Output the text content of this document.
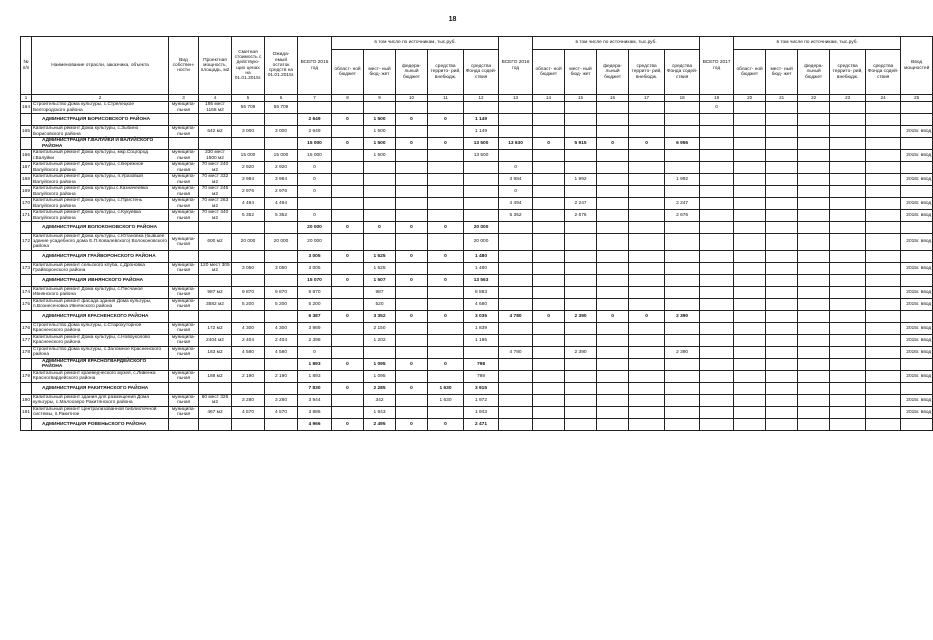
18
№ п/п	Наименование отрасли, заказчика, объекта	Вид собствен- ности	Проектная мощность, площадь, м2	Сметная стоимость с действую- щих ценах на 01.01.2015г.	Ожида- емый остаток средств на 01.01.2015г.	ВСЕГО 2015 год	в том числе по источникам, тыс.руб.					ВСЕГО 2016 год	в том числе по источникам, тыс.руб.					ВСЕГО 2017 год	в том числе по источникам, тыс.руб.					Ввод мощностей
							област- ной бюджет	мест- ный бюд- жет	федера- льный бюджет	средства террито- рий, внебюдж.	средства Фонда содей- ствия		област- ной бюджет	мест- ный бюд- жет	федера- льный бюджет	средства террито- рий, внебюдж.	средства Фонда содей- ствия		област- ной бюджет	мест- ный бюд- жет	федера- льный бюджет	средства террито- рий, внебюдж.	средства Фонда содей- ствия	
1	2	3	4	5	6	7	8	9	10	11	12	13	14	15	16	17	18	19	20	21	22	23	24	25
164	Строительство Дома культуры, с.Стрелецкое Белгородского района	муниципа- льная	195 мест 1168 м2	55 709	55 709													0						
	АДМИНИСТРАЦИЯ БОРИСОВСКОГО РАЙОНА					2 649	0	1 500	0	0	1 149													
165	Капитальный ремонт Дома культуры, с.Зыбино Борисовского района	муниципа- льная	642 м2	3 000	3 000	2 649		1 500			1 149													2015г. ввод
	АДМИНИСТРАЦИЯ Г.ВАЛУЙКИ И ВАЛУЙСКОГО РАЙОНА					15 000	0	1 500	0	0	13 500	13 630	0	5 915	0	0	6 955							
166	Капитальный ремонт Дома культуры, мкр.Соцгород г.Валуйки	муниципа- льная	330 мест 1500 м2	15 000	15 000	15 000		1 500			13 500													2015г. ввод
167	Капитальный ремонт Дома культуры, с.Бережное Валуйского района	муниципа- льная	70 мест 240 м2	2 920	2 920	0						0												
168	Капитальный ремонт Дома культуры, п.Уразовый Валуйского района	муниципа- льная	70 мест 332 м2	3 984	3 984	0						3 984		1 992			1 992							2016г. ввод
169	Капитальный ремонт Дома культуры с.Казначеевка Валуйского района	муниципа- льная	70 мест 246 м2	2 976	2 976	0						0												
170	Капитальный ремонт Дома культуры, с.Пристень Валуйского района	муниципа- льная	70 мест 263 м2	4 494	4 494							4 494		2 247			2 247							2016г. ввод
171	Капитальный ремонт Дома культуры, с.Кукуевка Валуйского района	муниципа- льная	70 мест 440 м2	5 352	5 352	0						5 352		2 676			2 676							2016г. ввод
	АДМИНИСТРАЦИЯ ВОЛОКОНОВСКОГО РАЙОНА					20 000	0	0	0	0	20 000													
172	Капитальный ремонт Дома культуры, с.Ютановка (бывшее здание усадебного дома Е.П.Ковалевского) Волоконовского района	муниципа- льная	600 м2	20 000	20 000	20 000					20 000													2015г. ввод
	АДМИНИСТРАЦИЯ ГРАЙВОРОНСКОГО РАЙОНА					3 005	0	1 525	0	0	1 480													
173	Капитальный ремонт сельского клуба, с.Дроновка Грайворонского района	муниципа- льная	120 мест 305 м2	3 050	3 050	3 005		1 525			1 480													2015г. ввод
	АДМИНИСТРАЦИЯ ИВНЯНСКОГО РАЙОНА					15 070	0	1 507	0	0	13 563													
174	Капитальный ремонт Дома культуры, с.Песчаное Ивнянского района	муниципа- льная	987 м2	9 870	9 870	9 870		987			8 883													2015г. ввод
175	Капитальный ремонт фасада здания Дома культуры, п.Вознесеновка Ивнянского района	муниципа- льная	3582 м2	5 200	5 200	5 200		520			4 680													2015г. ввод
	АДМИНИСТРАЦИЯ КРАСНЕНСКОГО РАЙОНА					6 387	0	3 352	0	0	3 035	4 780	0	2 390	0	0	2 390							
176	Строительство Дома культуры, с.Старохуторное Красненского района	муниципа- льная	172 м2	4 300	4 300	3 989		2 150			1 839													2015г. ввод
177	Капитальный ремонт Дома культуры, с.Новоуколово Красненского района	муниципа- льная	2404 м2	2 404	2 404	2 398		1 202			1 196													2015г. ввод
178	Строительство Дома культуры, с.Заломное Красненского района	муниципа- льная	183 м2	4 580	4 580	0						4 780		2 390			2 390							2016г. ввод
	АДМИНИСТРАЦИЯ КРАСНОГВАРДЕЙСКОГО РАЙОНА					1 893	0	1 095	0	0	798													
179	Капитальный ремонт краеведческого музея, с.Ливенка Красногвардейского района	муниципа- льная	188 м2	2 190	2 190	1 893		1 095			798													2015г. ввод
	АДМИНИСТРАЦИЯ РАКИТЯНСКОГО РАЙОНА					7 830	0	2 285	0	1 630	3 915													
180	Капитальный ремонт здания для размещения Дома культуры, с.Малоозеро Ракитянского района	муниципа- льная	60 мест 326 м2	3 280	3 280	3 944		342		1 630	1 972													2015г. ввод
181	Капитальный ремонт Централизованной библиотечной системы, п.Ракитное	муниципа- льная	467 м2	4 570	4 570	3 886		1 943			1 943													2015г. ввод
	АДМИНИСТРАЦИЯ РОВЕНЬСКОГО РАЙОНА					4 966	0	2 495	0	0	2 471													
